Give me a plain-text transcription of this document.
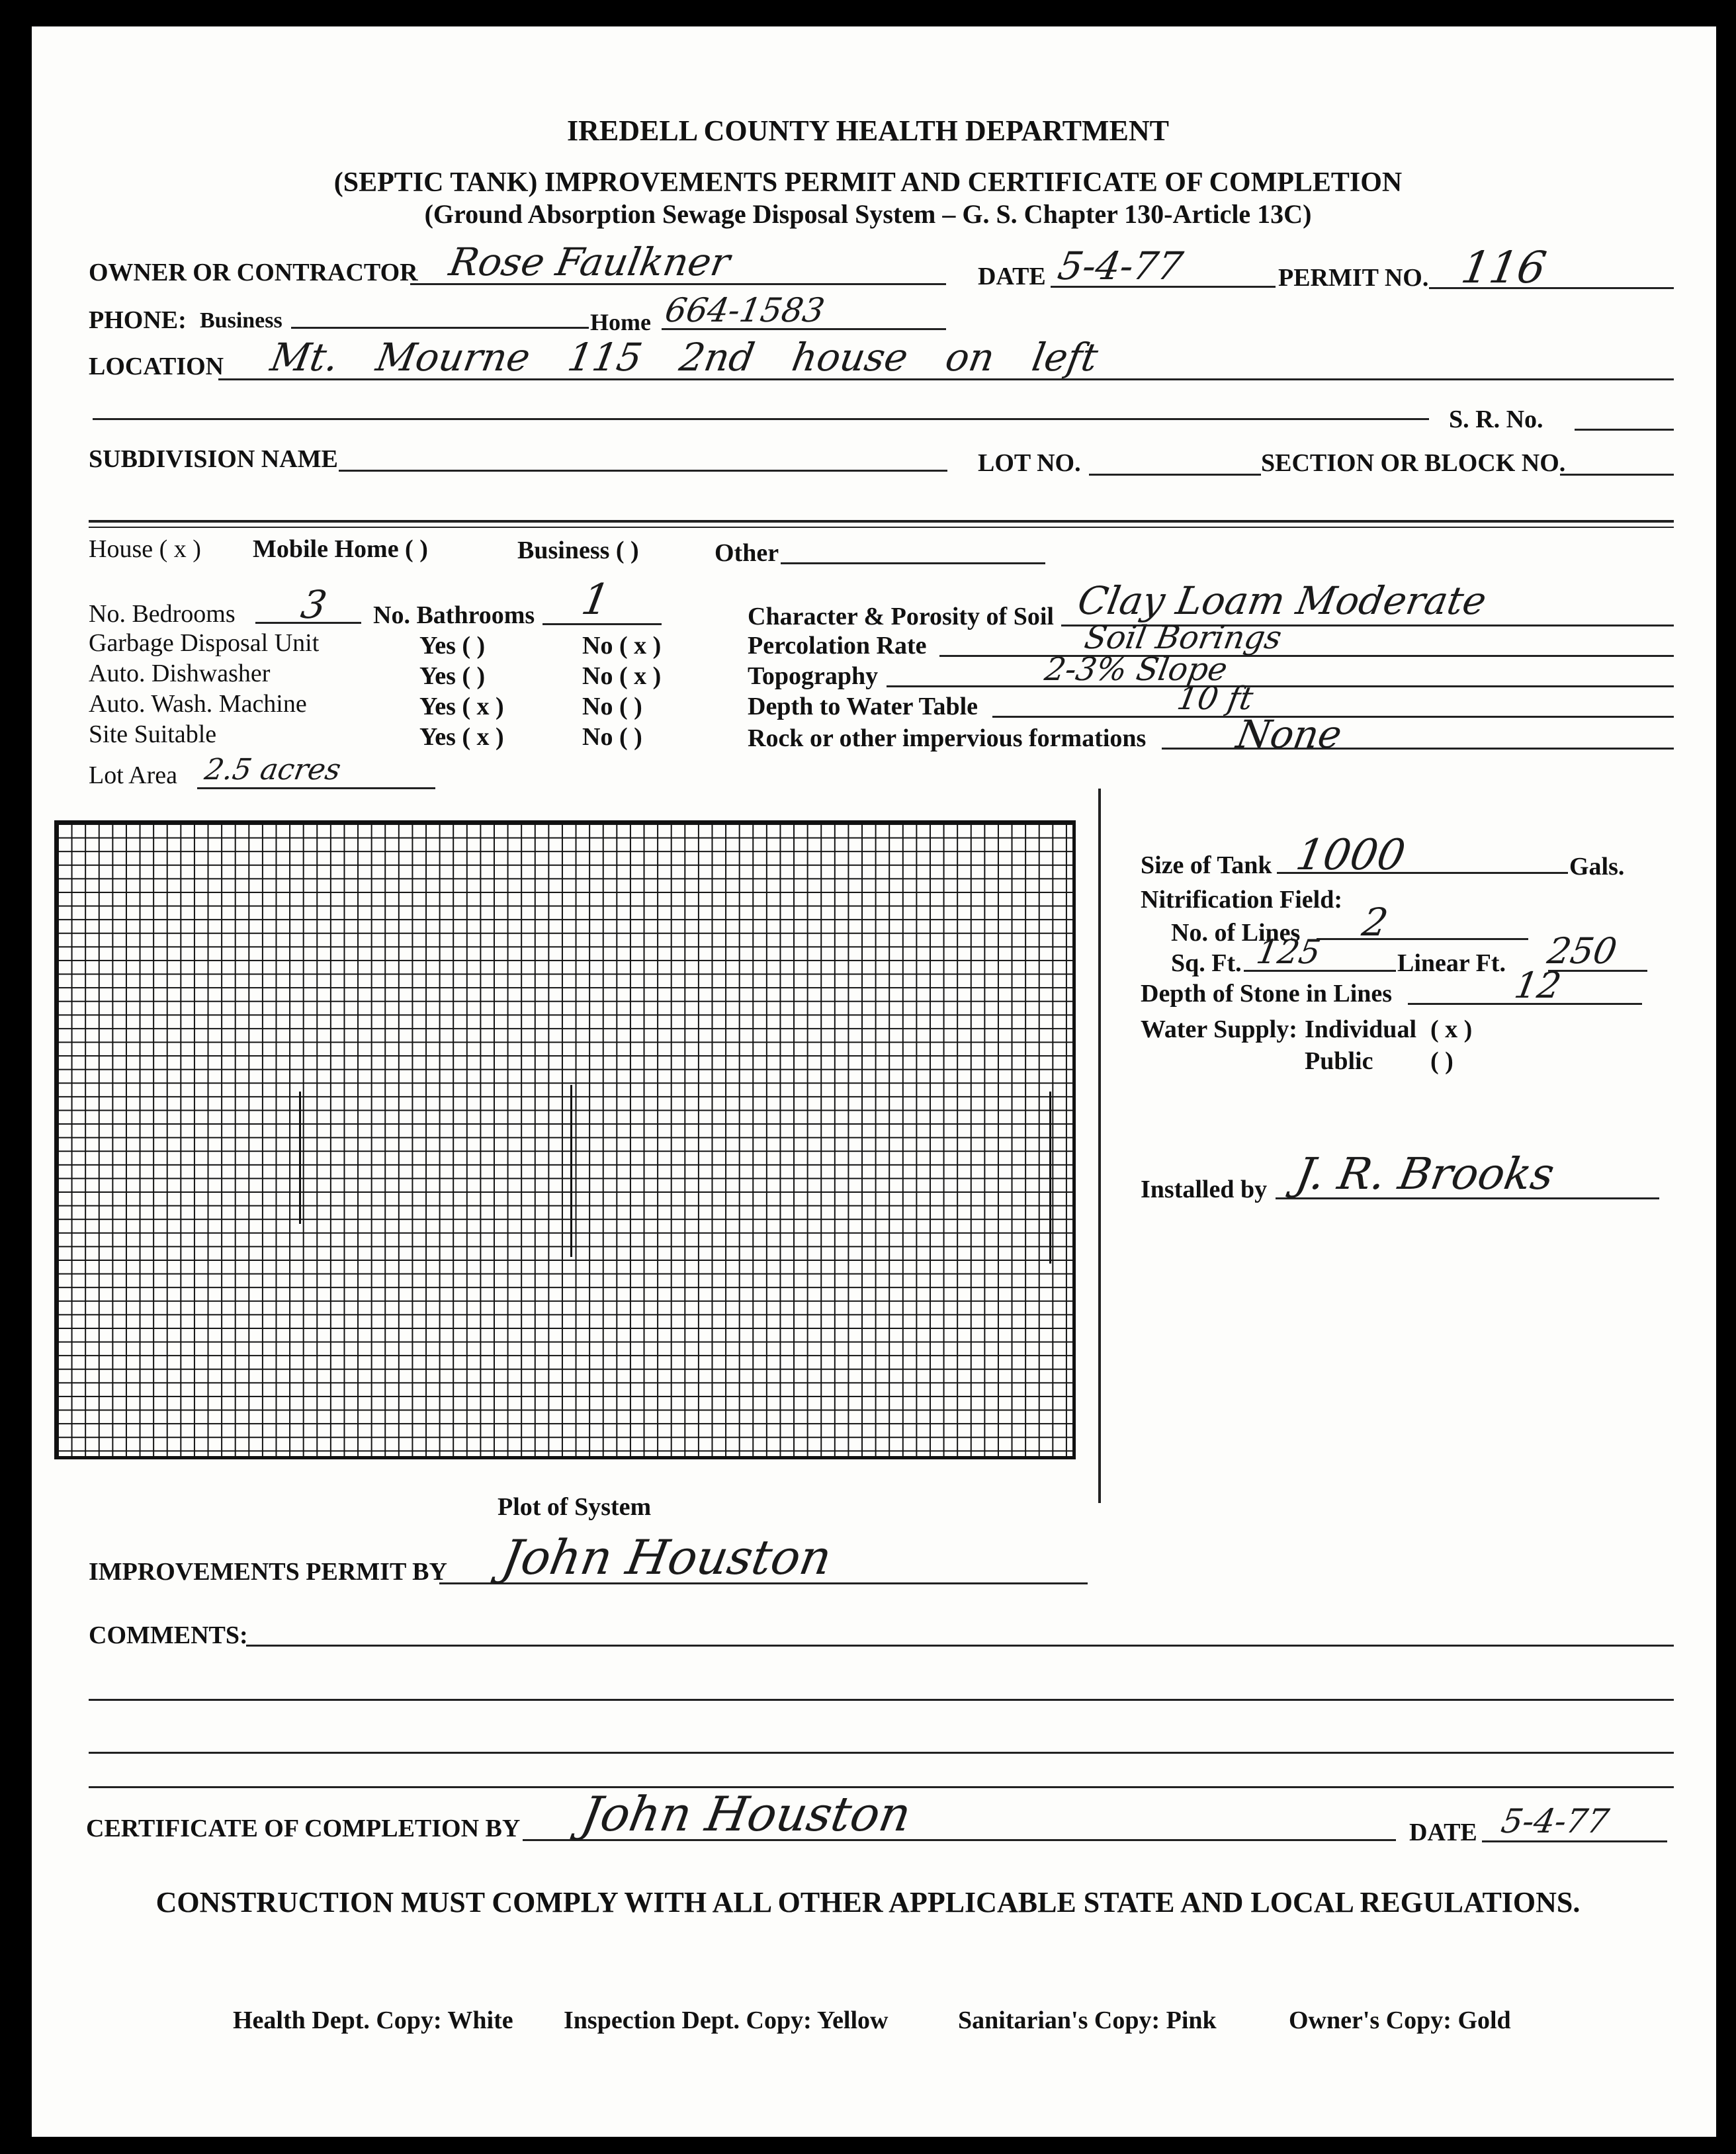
IREDELL COUNTY HEALTH DEPARTMENT
(SEPTIC TANK) IMPROVEMENTS PERMIT AND CERTIFICATE OF COMPLETION
(Ground Absorption Sewage Disposal System – G. S. Chapter 130-Article 13C)
OWNER OR CONTRACTOR Rose Faulkner	DATE 5-4-77	PERMIT NO. 116
PHONE: Business	Home 664-1583
LOCATION Mt. Mourne 115 2nd house on left
S. R. No.
SUBDIVISION NAME	LOT NO.	SECTION OR BLOCK NO.
House ( x ) Mobile Home ( )	Business ( )	Other
No. Bedrooms 3 No. Bathrooms 1
Garbage Disposal Unit	Yes ( )	No ( x )
Auto. Dishwasher	Yes ( )	No ( x )
Auto. Wash. Machine	Yes ( x )	No ( )
Site Suitable	Yes ( x )	No ( )
Lot Area 2.5 acres
Character & Porosity of Soil Clay Loam Moderate
Percolation Rate	Soil Borings
Topography	2-3% Slope
Depth to Water Table	10 ft
Rock or other impervious formations None
Plot of System
Size of Tank 1000	Gals.
Nitrification Field:
No. of Lines 2
Sq. Ft. 125	Linear Ft. 250
Depth of Stone in Lines	12
Water Supply: Individual ( x )
Public ( )
Installed by J. R. Brooks
IMPROVEMENTS PERMIT BY John Houston
COMMENTS:
CERTIFICATE OF COMPLETION BY John Houston	DATE 5-4-77
CONSTRUCTION MUST COMPLY WITH ALL OTHER APPLICABLE STATE AND LOCAL REGULATIONS.
Health Dept. Copy: White Inspection Dept. Copy: Yellow	Sanitarian's Copy: Pink	Owner's Copy: Gold
